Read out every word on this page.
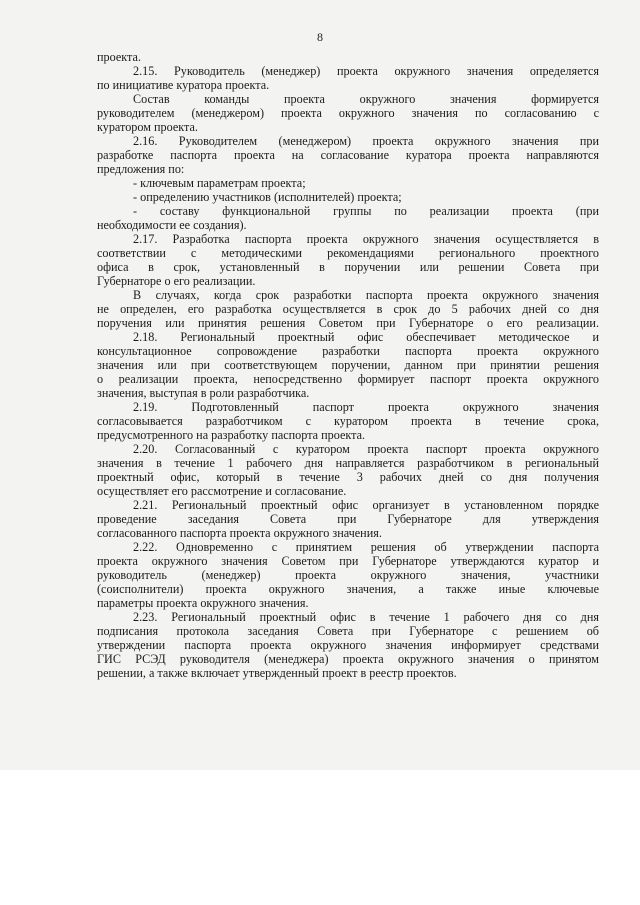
8
проекта.
2.15. Руководитель (менеджер) проекта окружного значения определяется
по инициативе куратора проекта.
Состав команды проекта окружного значения формируется
руководителем (менеджером) проекта окружного значения по согласованию с
куратором проекта.
2.16. Руководителем (менеджером) проекта окружного значения при
разработке паспорта проекта на согласование куратора проекта направляются
предложения по:
- ключевым параметрам проекта;
- определению участников (исполнителей) проекта;
- составу функциональной группы по реализации проекта (при
необходимости ее создания).
2.17. Разработка паспорта проекта окружного значения осуществляется в
соответствии с методическими рекомендациями регионального проектного
офиса в срок, установленный в поручении или решении Совета при
Губернаторе о его реализации.
В случаях, когда срок разработки паспорта проекта окружного значения
не определен, его разработка осуществляется в срок до 5 рабочих дней со дня
поручения или принятия решения Советом при Губернаторе о его реализации.
2.18. Региональный проектный офис обеспечивает методическое и
консультационное сопровождение разработки паспорта проекта окружного
значения или при соответствующем поручении, данном при принятии решения
о реализации проекта, непосредственно формирует паспорт проекта окружного
значения, выступая в роли разработчика.
2.19. Подготовленный паспорт проекта окружного значения
согласовывается разработчиком с куратором проекта в течение срока,
предусмотренного на разработку паспорта проекта.
2.20. Согласованный с куратором проекта паспорт проекта окружного
значения в течение 1 рабочего дня направляется разработчиком в региональный
проектный офис, который в течение 3 рабочих дней со дня получения
осуществляет его рассмотрение и согласование.
2.21. Региональный проектный офис организует в установленном порядке
проведение заседания Совета при Губернаторе для утверждения
согласованного паспорта проекта окружного значения.
2.22. Одновременно с принятием решения об утверждении паспорта
проекта окружного значения Советом при Губернаторе утверждаются куратор и
руководитель (менеджер) проекта окружного значения, участники
(соисполнители) проекта окружного значения, а также иные ключевые
параметры проекта окружного значения.
2.23. Региональный проектный офис в течение 1 рабочего дня со дня
подписания протокола заседания Совета при Губернаторе с решением об
утверждении паспорта проекта окружного значения информирует средствами
ГИС РСЭД руководителя (менеджера) проекта окружного значения о принятом
решении, а также включает утвержденный проект в реестр проектов.
